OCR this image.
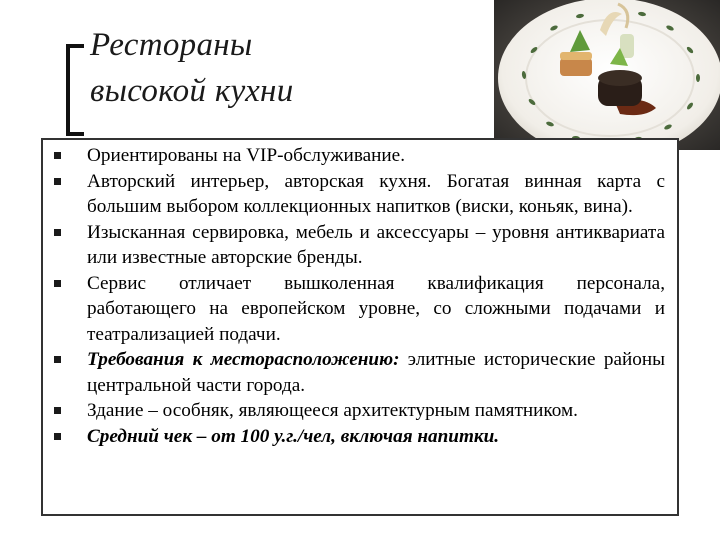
Рестораны
высокой кухни
Ориентированы на VIP-обслуживание.
Авторский интерьер, авторская кухня. Богатая винная карта с большим выбором коллекционных напитков (виски, коньяк, вина).
Изысканная сервировка, мебель и аксессуары – уровня антиквариата или известные авторские бренды.
Сервис отличает вышколенная квалификация персонала, работающего на европейском уровне, со сложными подачами и театрализацией подачи.
Требования к месторасположению: элитные исторические районы центральной части города.
Здание – особняк, являющееся архитектурным памятником.
Средний чек – от 100 у.г./чел, включая напитки.
